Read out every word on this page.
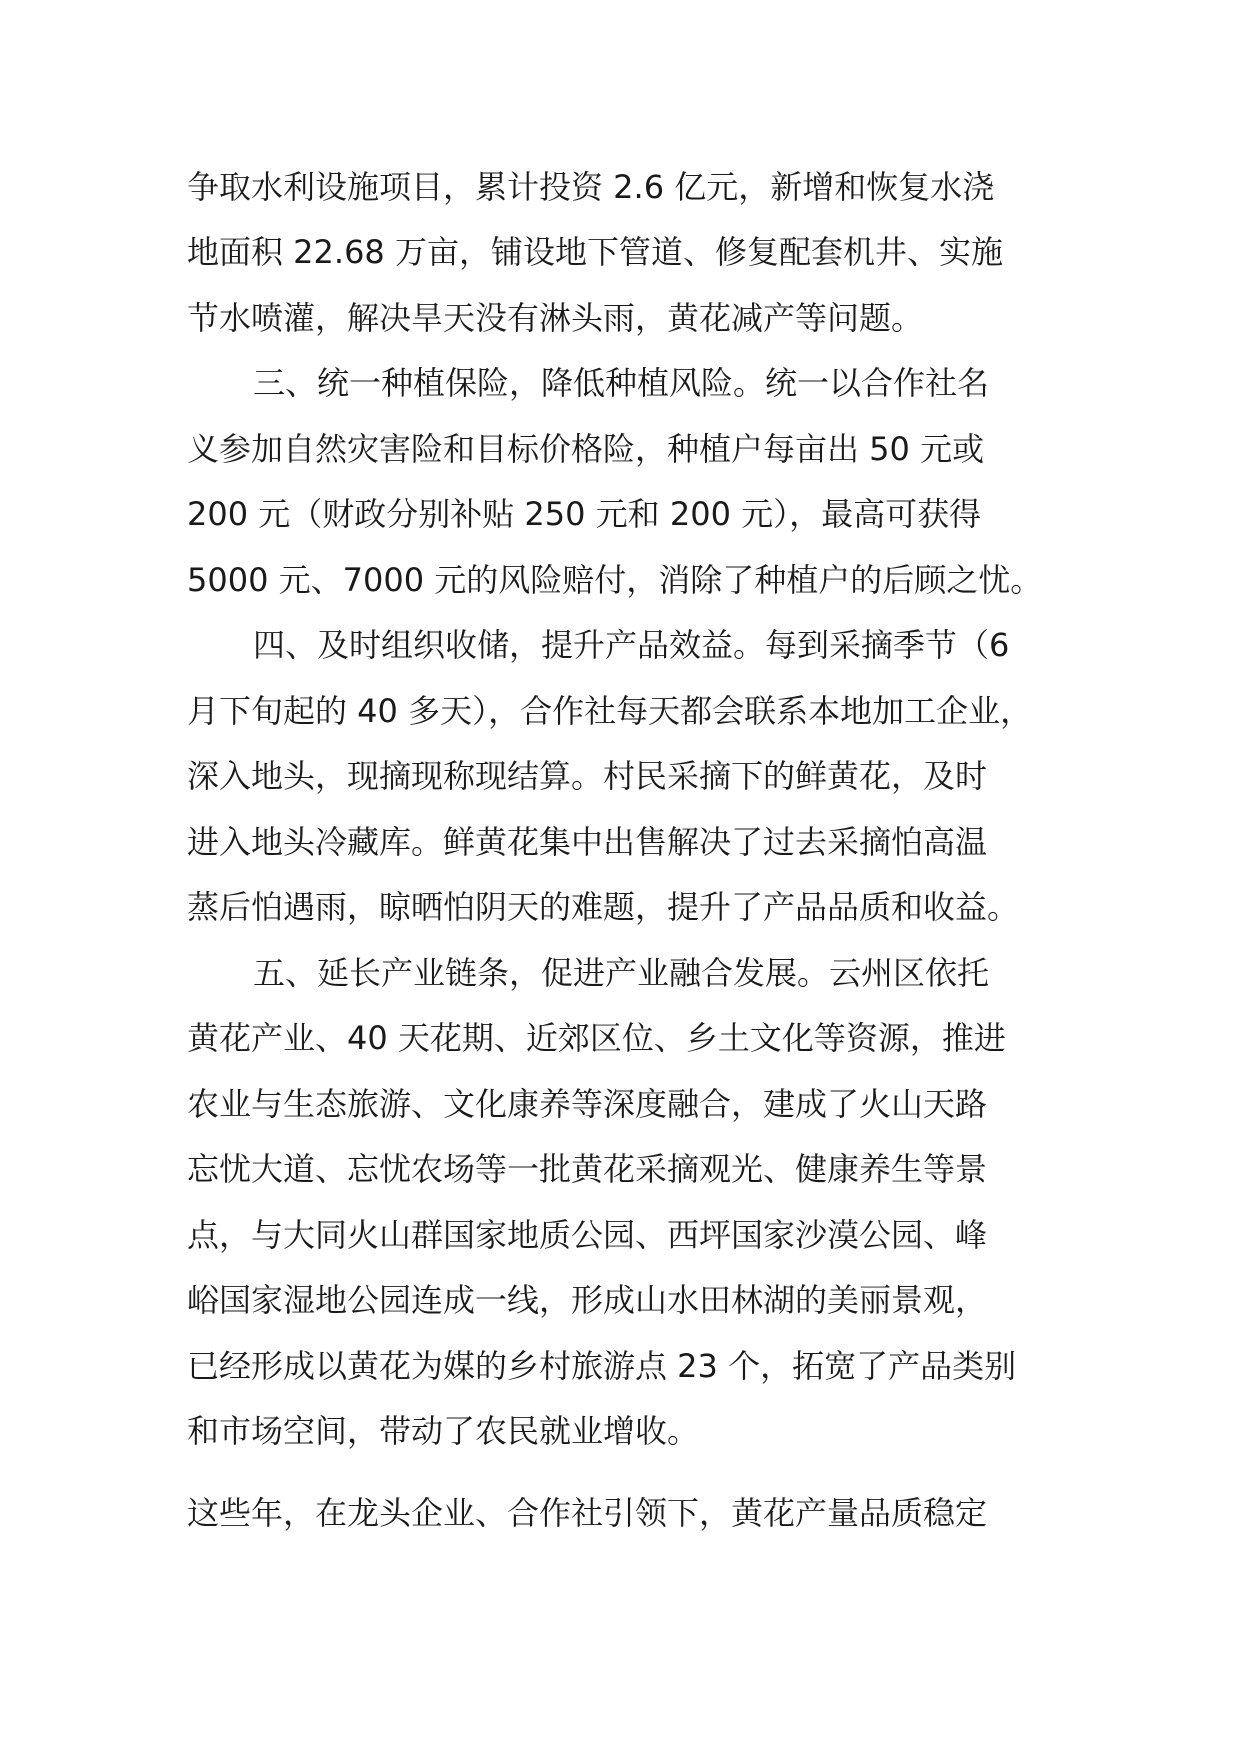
争取水利设施项目，累计投资 2.6 亿元，新增和恢复水浇

地面积 22.68 万亩，铺设地下管道、修复配套机井、实施

节水喷灌，解决旱天没有淋头雨，黄花减产等问题。

三、统一种植保险，降低种植风险。统一以合作社名

义参加自然灾害险和目标价格险，种植户每亩出 50 元或

200 元（财政分别补贴 250 元和 200 元），最高可获得

5000 元、7000 元的风险赔付，消除了种植户的后顾之忧。

四、及时组织收储，提升产品效益。每到采摘季节（6

月下旬起的 40 多天），合作社每天都会联系本地加工企业，

深入地头，现摘现称现结算。村民采摘下的鲜黄花，及时

进入地头冷藏库。鲜黄花集中出售解决了过去采摘怕高温

蒸后怕遇雨，晾晒怕阴天的难题，提升了产品品质和收益。

五、延长产业链条，促进产业融合发展。云州区依托

黄花产业、40 天花期、近郊区位、乡土文化等资源，推进

农业与生态旅游、文化康养等深度融合，建成了火山天路

忘忧大道、忘忧农场等一批黄花采摘观光、健康养生等景

点，与大同火山群国家地质公园、西坪国家沙漠公园、峰

峪国家湿地公园连成一线，形成山水田林湖的美丽景观，

已经形成以黄花为媒的乡村旅游点 23 个，拓宽了产品类别

和市场空间，带动了农民就业增收。

这些年，在龙头企业、合作社引领下，黄花产量品质稳定
